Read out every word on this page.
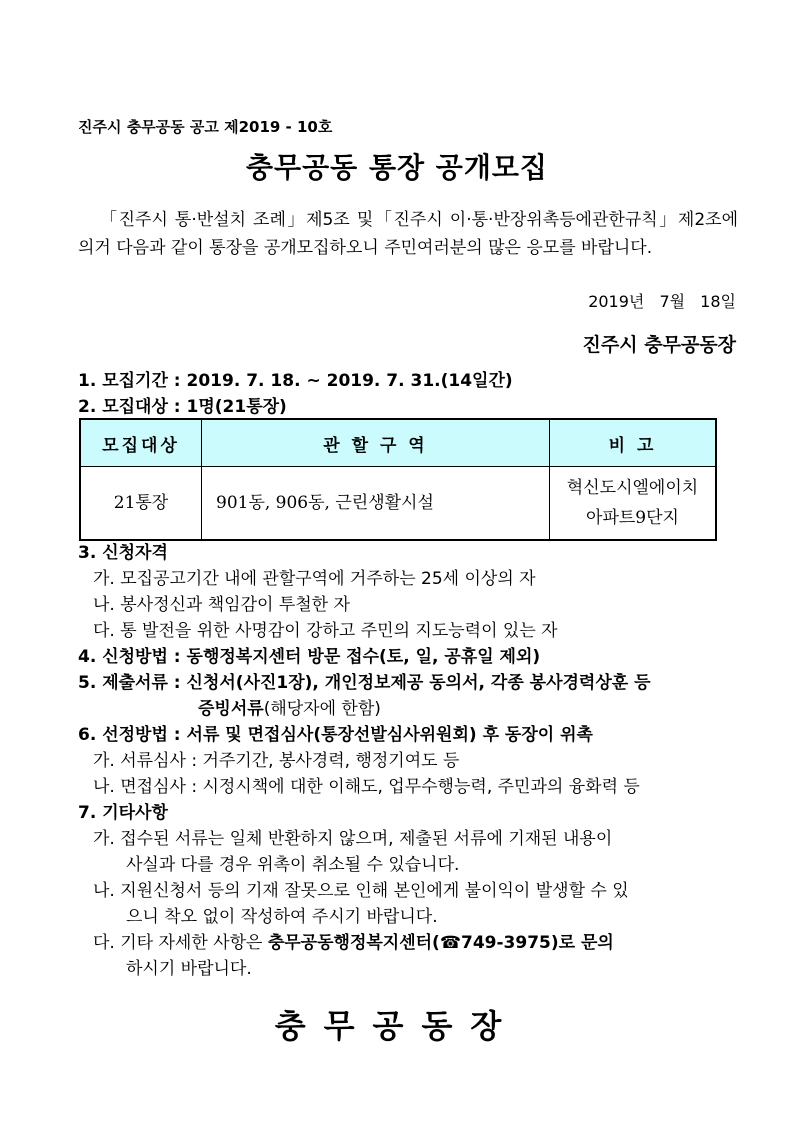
진주시 충무공동 공고 제2019 - 10호
충무공동 통장 공개모집
「진주시 통·반설치 조례」제5조 및「진주시 이·통·반장위촉등에관한규칙」제2조에 의거 다음과 같이 통장을 공개모집하오니 주민여러분의 많은 응모를 바랍니다.
2019년 7월 18일
진주시 충무공동장
1. 모집기간 : 2019. 7. 18. ~ 2019. 7. 31.(14일간)
2. 모집대상 : 1명(21통장)
모집대상	관 할 구 역	비 고
21통장	901동, 906동, 근린생활시설	혁신도시엘에이치
아파트9단지
3. 신청자격
가. 모집공고기간 내에 관할구역에 거주하는 25세 이상의 자
나. 봉사정신과 책임감이 투철한 자
다. 통 발전을 위한 사명감이 강하고 주민의 지도능력이 있는 자
4. 신청방법 : 동행정복지센터 방문 접수(토, 일, 공휴일 제외)
5. 제출서류 : 신청서(사진1장), 개인정보제공 동의서, 각종 봉사경력상훈 등
증빙서류(해당자에 한함)
6. 선정방법 : 서류 및 면접심사(통장선발심사위원회) 후 동장이 위촉
가. 서류심사 : 거주기간, 봉사경력, 행정기여도 등
나. 면접심사 : 시정시책에 대한 이해도, 업무수행능력, 주민과의 융화력 등
7. 기타사항
가. 접수된 서류는 일체 반환하지 않으며, 제출된 서류에 기재된 내용이
사실과 다를 경우 위촉이 취소될 수 있습니다.
나. 지원신청서 등의 기재 잘못으로 인해 본인에게 불이익이 발생할 수 있
으니 착오 없이 작성하여 주시기 바랍니다.
다. 기타 자세한 사항은 충무공동행정복지센터(☎749-3975)로 문의
하시기 바랍니다.
충무공동장
